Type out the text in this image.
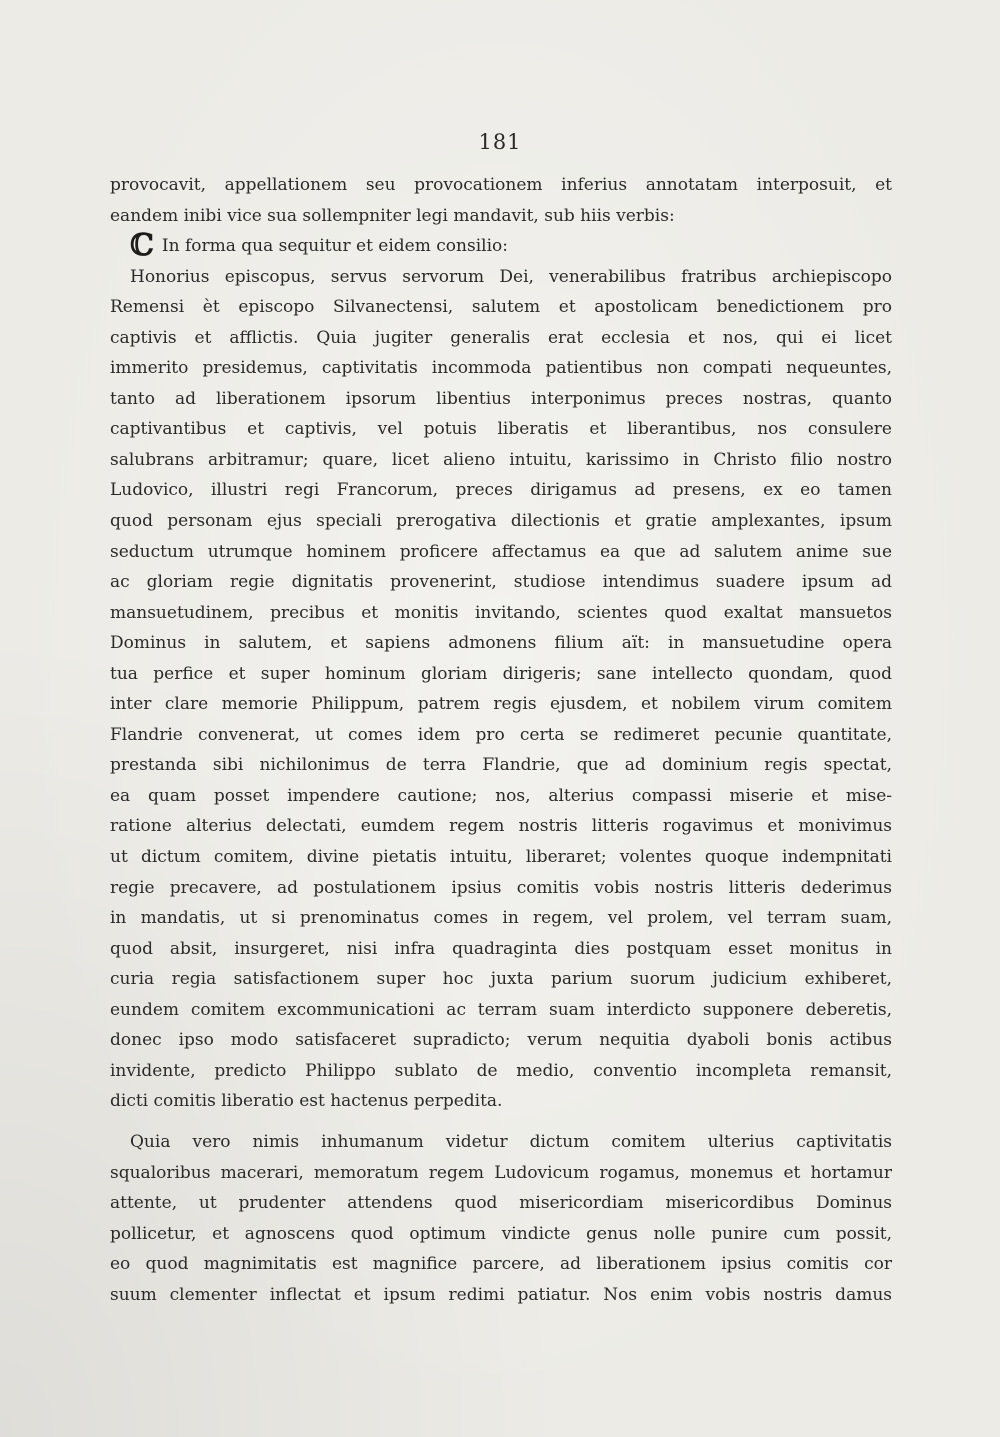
181
provocavit, appellationem seu provocationem inferius annotatam interposuit, et
eandem inibi vice sua sollempniter legi mandavit, sub hiis verbis:
ℂ In forma qua sequitur et eidem consilio:
Honorius episcopus, servus servorum Dei, venerabilibus fratribus archiepiscopo
Remensi èt episcopo Silvanectensi, salutem et apostolicam benedictionem pro
captivis et afflictis. Quia jugiter generalis erat ecclesia et nos, qui ei licet
immerito presidemus, captivitatis incommoda patientibus non compati nequeuntes,
tanto ad liberationem ipsorum libentius interponimus preces nostras, quanto
captivantibus et captivis, vel potuis liberatis et liberantibus, nos consulere
salubrans arbitramur; quare, licet alieno intuitu, karissimo in Christo filio nostro
Ludovico, illustri regi Francorum, preces dirigamus ad presens, ex eo tamen
quod personam ejus speciali prerogativa dilectionis et gratie amplexantes, ipsum
seductum utrumque hominem proficere affectamus ea que ad salutem anime sue
ac gloriam regie dignitatis provenerint, studiose intendimus suadere ipsum ad
mansuetudinem, precibus et monitis invitando, scientes quod exaltat mansuetos
Dominus in salutem, et sapiens admonens filium aït: in mansuetudine opera
tua perfice et super hominum gloriam dirigeris; sane intellecto quondam, quod
inter clare memorie Philippum, patrem regis ejusdem, et nobilem virum comitem
Flandrie convenerat, ut comes idem pro certa se redimeret pecunie quantitate,
prestanda sibi nichilonimus de terra Flandrie, que ad dominium regis spectat,
ea quam posset impendere cautione; nos, alterius compassi miserie et mise-
ratione alterius delectati, eumdem regem nostris litteris rogavimus et monivimus
ut dictum comitem, divine pietatis intuitu, liberaret; volentes quoque indempnitati
regie precavere, ad postulationem ipsius comitis vobis nostris litteris dederimus
in mandatis, ut si prenominatus comes in regem, vel prolem, vel terram suam,
quod absit, insurgeret, nisi infra quadraginta dies postquam esset monitus in
curia regia satisfactionem super hoc juxta parium suorum judicium exhiberet,
eundem comitem excommunicationi ac terram suam interdicto supponere deberetis,
donec ipso modo satisfaceret supradicto; verum nequitia dyaboli bonis actibus
invidente, predicto Philippo sublato de medio, conventio incompleta remansit,
dicti comitis liberatio est hactenus perpedita.
Quia vero nimis inhumanum videtur dictum comitem ulterius captivitatis
squaloribus macerari, memoratum regem Ludovicum rogamus, monemus et hortamur
attente, ut prudenter attendens quod misericordiam misericordibus Dominus
pollicetur, et agnoscens quod optimum vindicte genus nolle punire cum possit,
eo quod magnimitatis est magnifice parcere, ad liberationem ipsius comitis cor
suum clementer inflectat et ipsum redimi patiatur. Nos enim vobis nostris damus
